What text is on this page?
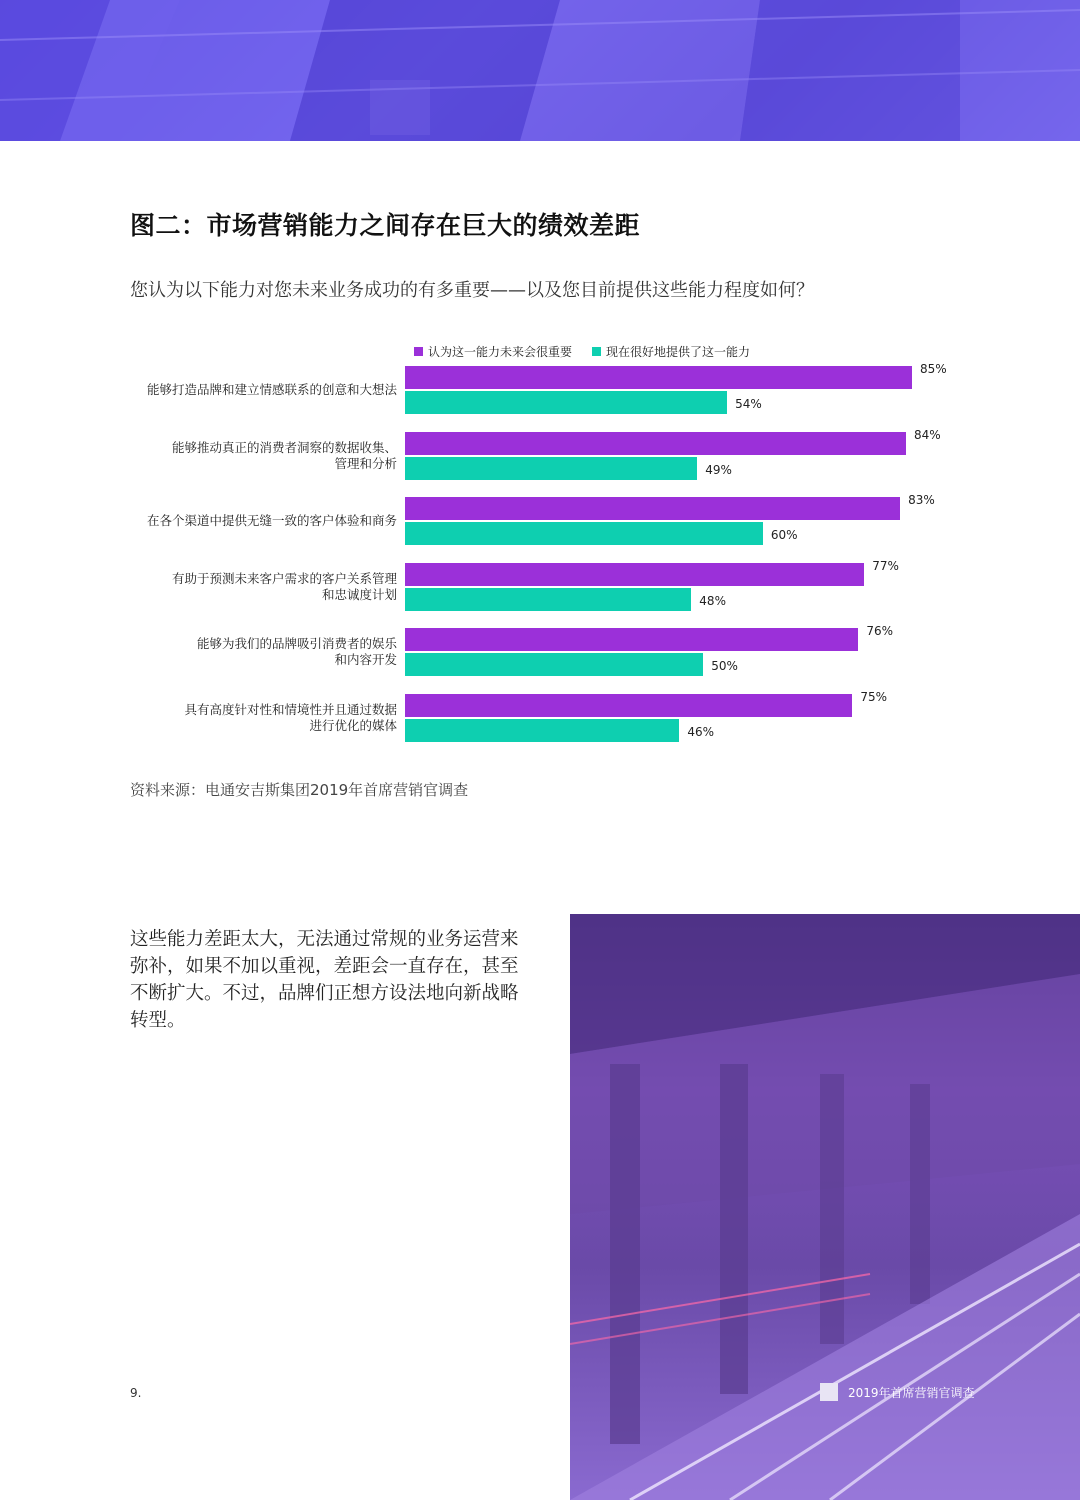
图二：市场营销能力之间存在巨大的绩效差距
您认为以下能力对您未来业务成功的有多重要——以及您目前提供这些能力程度如何？
认为这一能力未来会很重要	现在很好地提供了这一能力
能够打造品牌和建立情感联系的创意和大想法
85%
54%
能够推动真正的消费者洞察的数据收集、
管理和分析
84%
49%
在各个渠道中提供无缝一致的客户体验和商务
83%
60%
有助于预测未来客户需求的客户关系管理
和忠诚度计划
77%
48%
能够为我们的品牌吸引消费者的娱乐
和内容开发
76%
50%
具有高度针对性和情境性并且通过数据
进行优化的媒体
75%
46%
资料来源：电通安吉斯集团2019年首席营销官调查
这些能力差距太大，无法通过常规的业务运营来弥补，如果不加以重视，差距会一直存在，甚至不断扩大。不过，品牌们正想方设法地向新战略转型。
9.	2019年首席营销官调查
